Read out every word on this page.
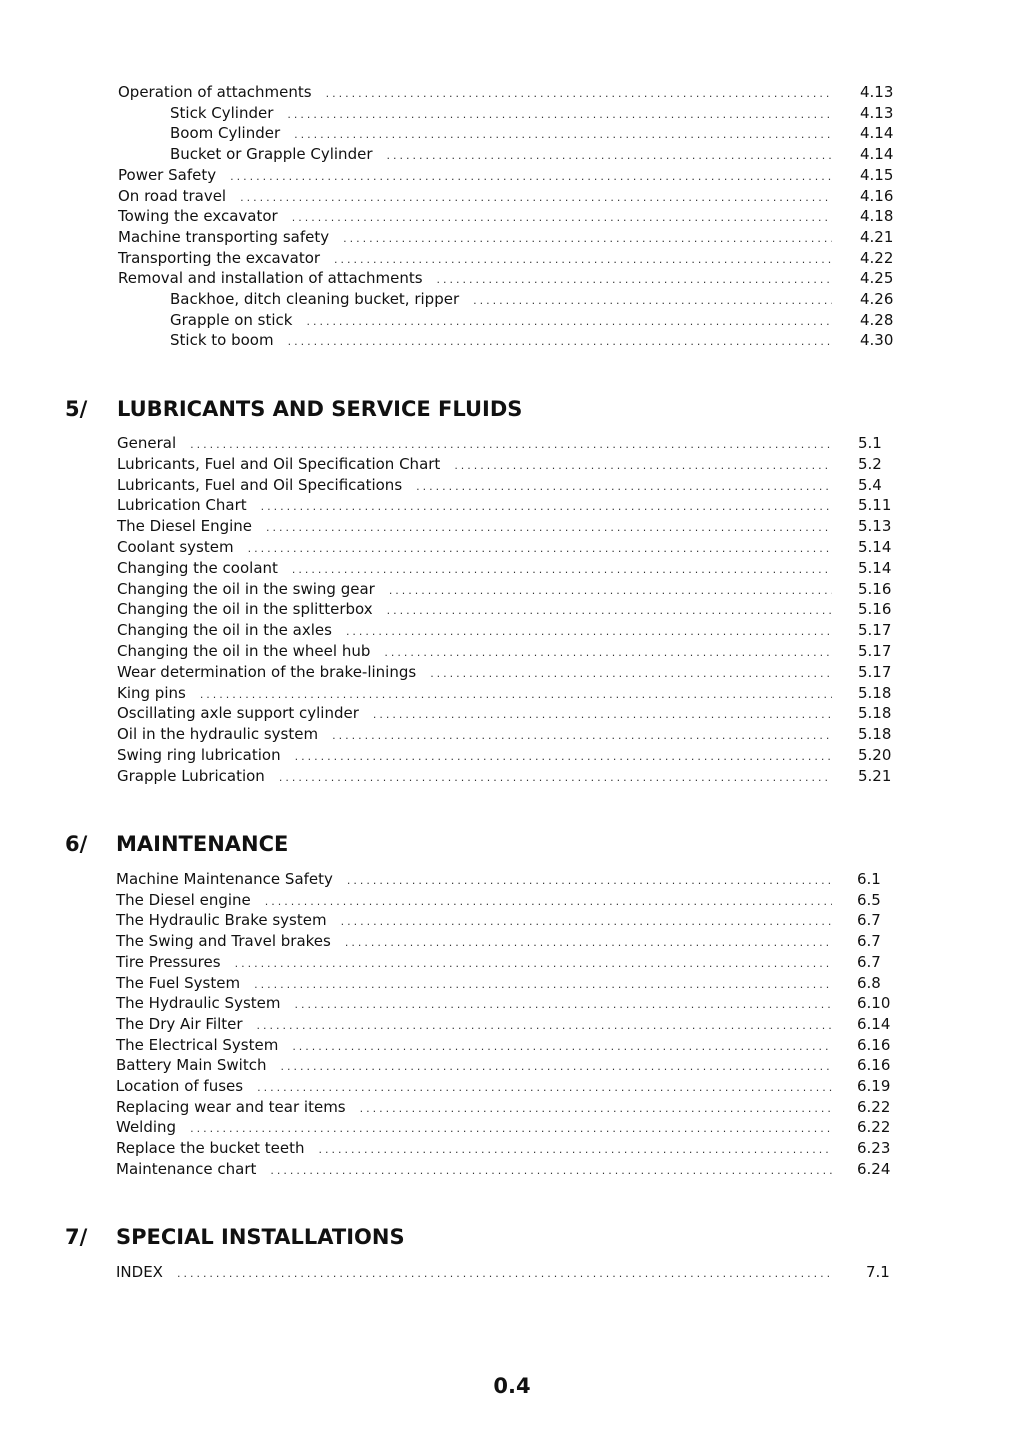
0.4
Operation of attachments .....	4.13
Stick Cylinder .....	4.13
Boom Cylinder .....	4.14
Bucket or Grapple Cylinder .....	4.14
Power Safety .....	4.15
On road travel .....	4.16
Towing the excavator .....	4.18
Machine transporting safety .....	4.21
Transporting the excavator .....	4.22
Removal and installation of attachments .....	4.25
Backhoe, ditch cleaning bucket, ripper .....	4.26
Grapple on stick .....	4.28
Stick to boom .....	4.30
5/ LUBRICANTS AND SERVICE FLUIDS
General .....	5.1
Lubricants, Fuel and Oil Specification Chart .....	5.2
Lubricants, Fuel and Oil Specifications .....	5.4
Lubrication Chart .....	5.11
The Diesel Engine .....	5.13
Coolant system .....	5.14
Changing the coolant .....	5.14
Changing the oil in the swing gear .....	5.16
Changing the oil in the splitterbox .....	5.16
Changing the oil in the axles .....	5.17
Changing the oil in the wheel hub .....	5.17
Wear determination of the brake-linings .....	5.17
King pins .....	5.18
Oscillating axle support cylinder .....	5.18
Oil in the hydraulic system .....	5.18
Swing ring lubrication .....	5.20
Grapple Lubrication .....	5.21
6/ MAINTENANCE
Machine Maintenance Safety .....	6.1
The Diesel engine .....	6.5
The Hydraulic Brake system .....	6.7
The Swing and Travel brakes .....	6.7
Tire Pressures .....	6.7
The Fuel System .....	6.8
The Hydraulic System .....	6.10
The Dry Air Filter .....	6.14
The Electrical System .....	6.16
Battery Main Switch .....	6.16
Location of fuses .....	6.19
Replacing wear and tear items .....	6.22
Welding .....	6.22
Replace the bucket teeth .....	6.23
Maintenance chart .....	6.24
7/ SPECIAL INSTALLATIONS
INDEX .....	7.1
